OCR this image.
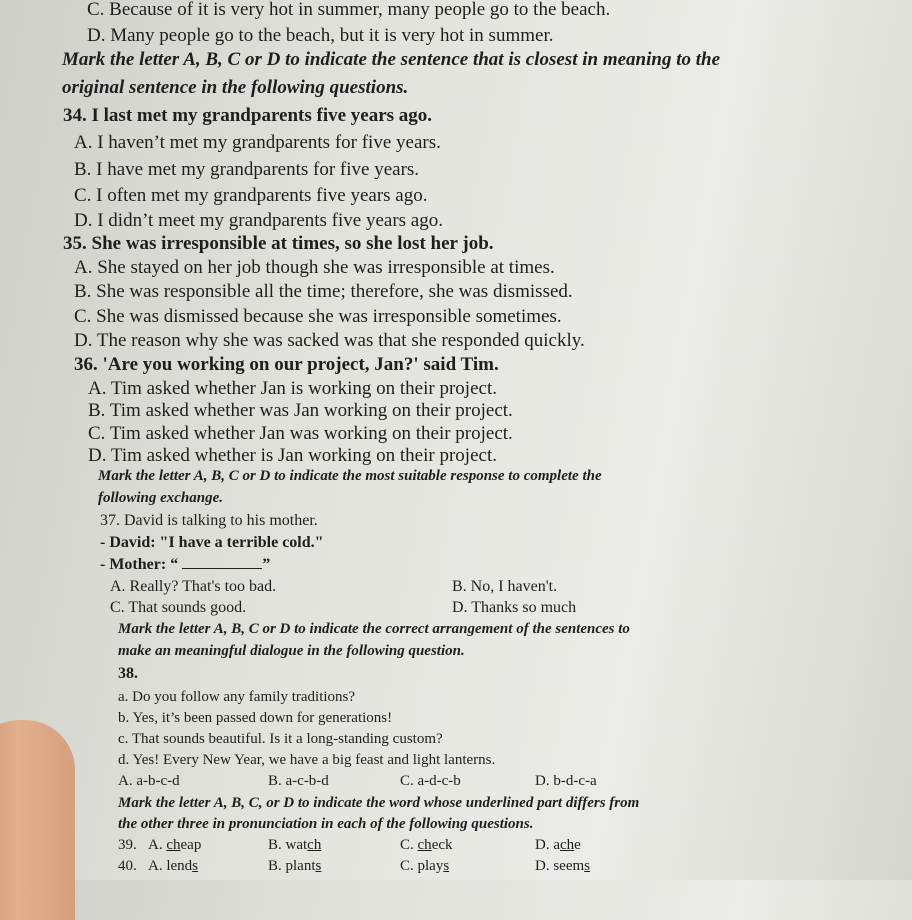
C. Because of it is very hot in summer, many people go to the beach.
D. Many people go to the beach, but it is very hot in summer.
Mark the letter A, B, C or D to indicate the sentence that is closest in meaning to the
original sentence in the following questions.
34. I last met my grandparents five years ago.
A. I haven’t met my grandparents for five years.
B. I have met my grandparents for five years.
C. I often met my grandparents five years ago.
D. I didn’t meet my grandparents five years ago.
35. She was irresponsible at times, so she lost her job.
A. She stayed on her job though she was irresponsible at times.
B. She was responsible all the time; therefore, she was dismissed.
C. She was dismissed because she was irresponsible sometimes.
D. The reason why she was sacked was that she responded quickly.
36. 'Are you working on our project, Jan?' said Tim.
A. Tim asked whether Jan is working on their project.
B. Tim asked whether was Jan working on their project.
C. Tim asked whether Jan was working on their project.
D. Tim asked whether is Jan working on their project.
Mark the letter A, B, C or D to indicate the most suitable response to complete the
following exchange.
37. David is talking to his mother.
- David: "I have a terrible cold."
- Mother: “	”
A. Really? That's too bad.	B. No, I haven't.
C. That sounds good.	D. Thanks so much
Mark the letter A, B, C or D to indicate the correct arrangement of the sentences to
make an meaningful dialogue in the following question.
38.
a. Do you follow any family traditions?
b. Yes, it’s been passed down for generations!
c. That sounds beautiful. Is it a long-standing custom?
d. Yes! Every New Year, we have a big feast and light lanterns.
A. a-b-c-d	B. a-c-b-d	C. a-d-c-b	D. b-d-c-a
Mark the letter A, B, C, or D to indicate the word whose underlined part differs from
the other three in pronunciation in each of the following questions.
39. A. cheap	B. watch	C. check	D. ache
40. A. lends	B. plants	C. plays	D. seems
